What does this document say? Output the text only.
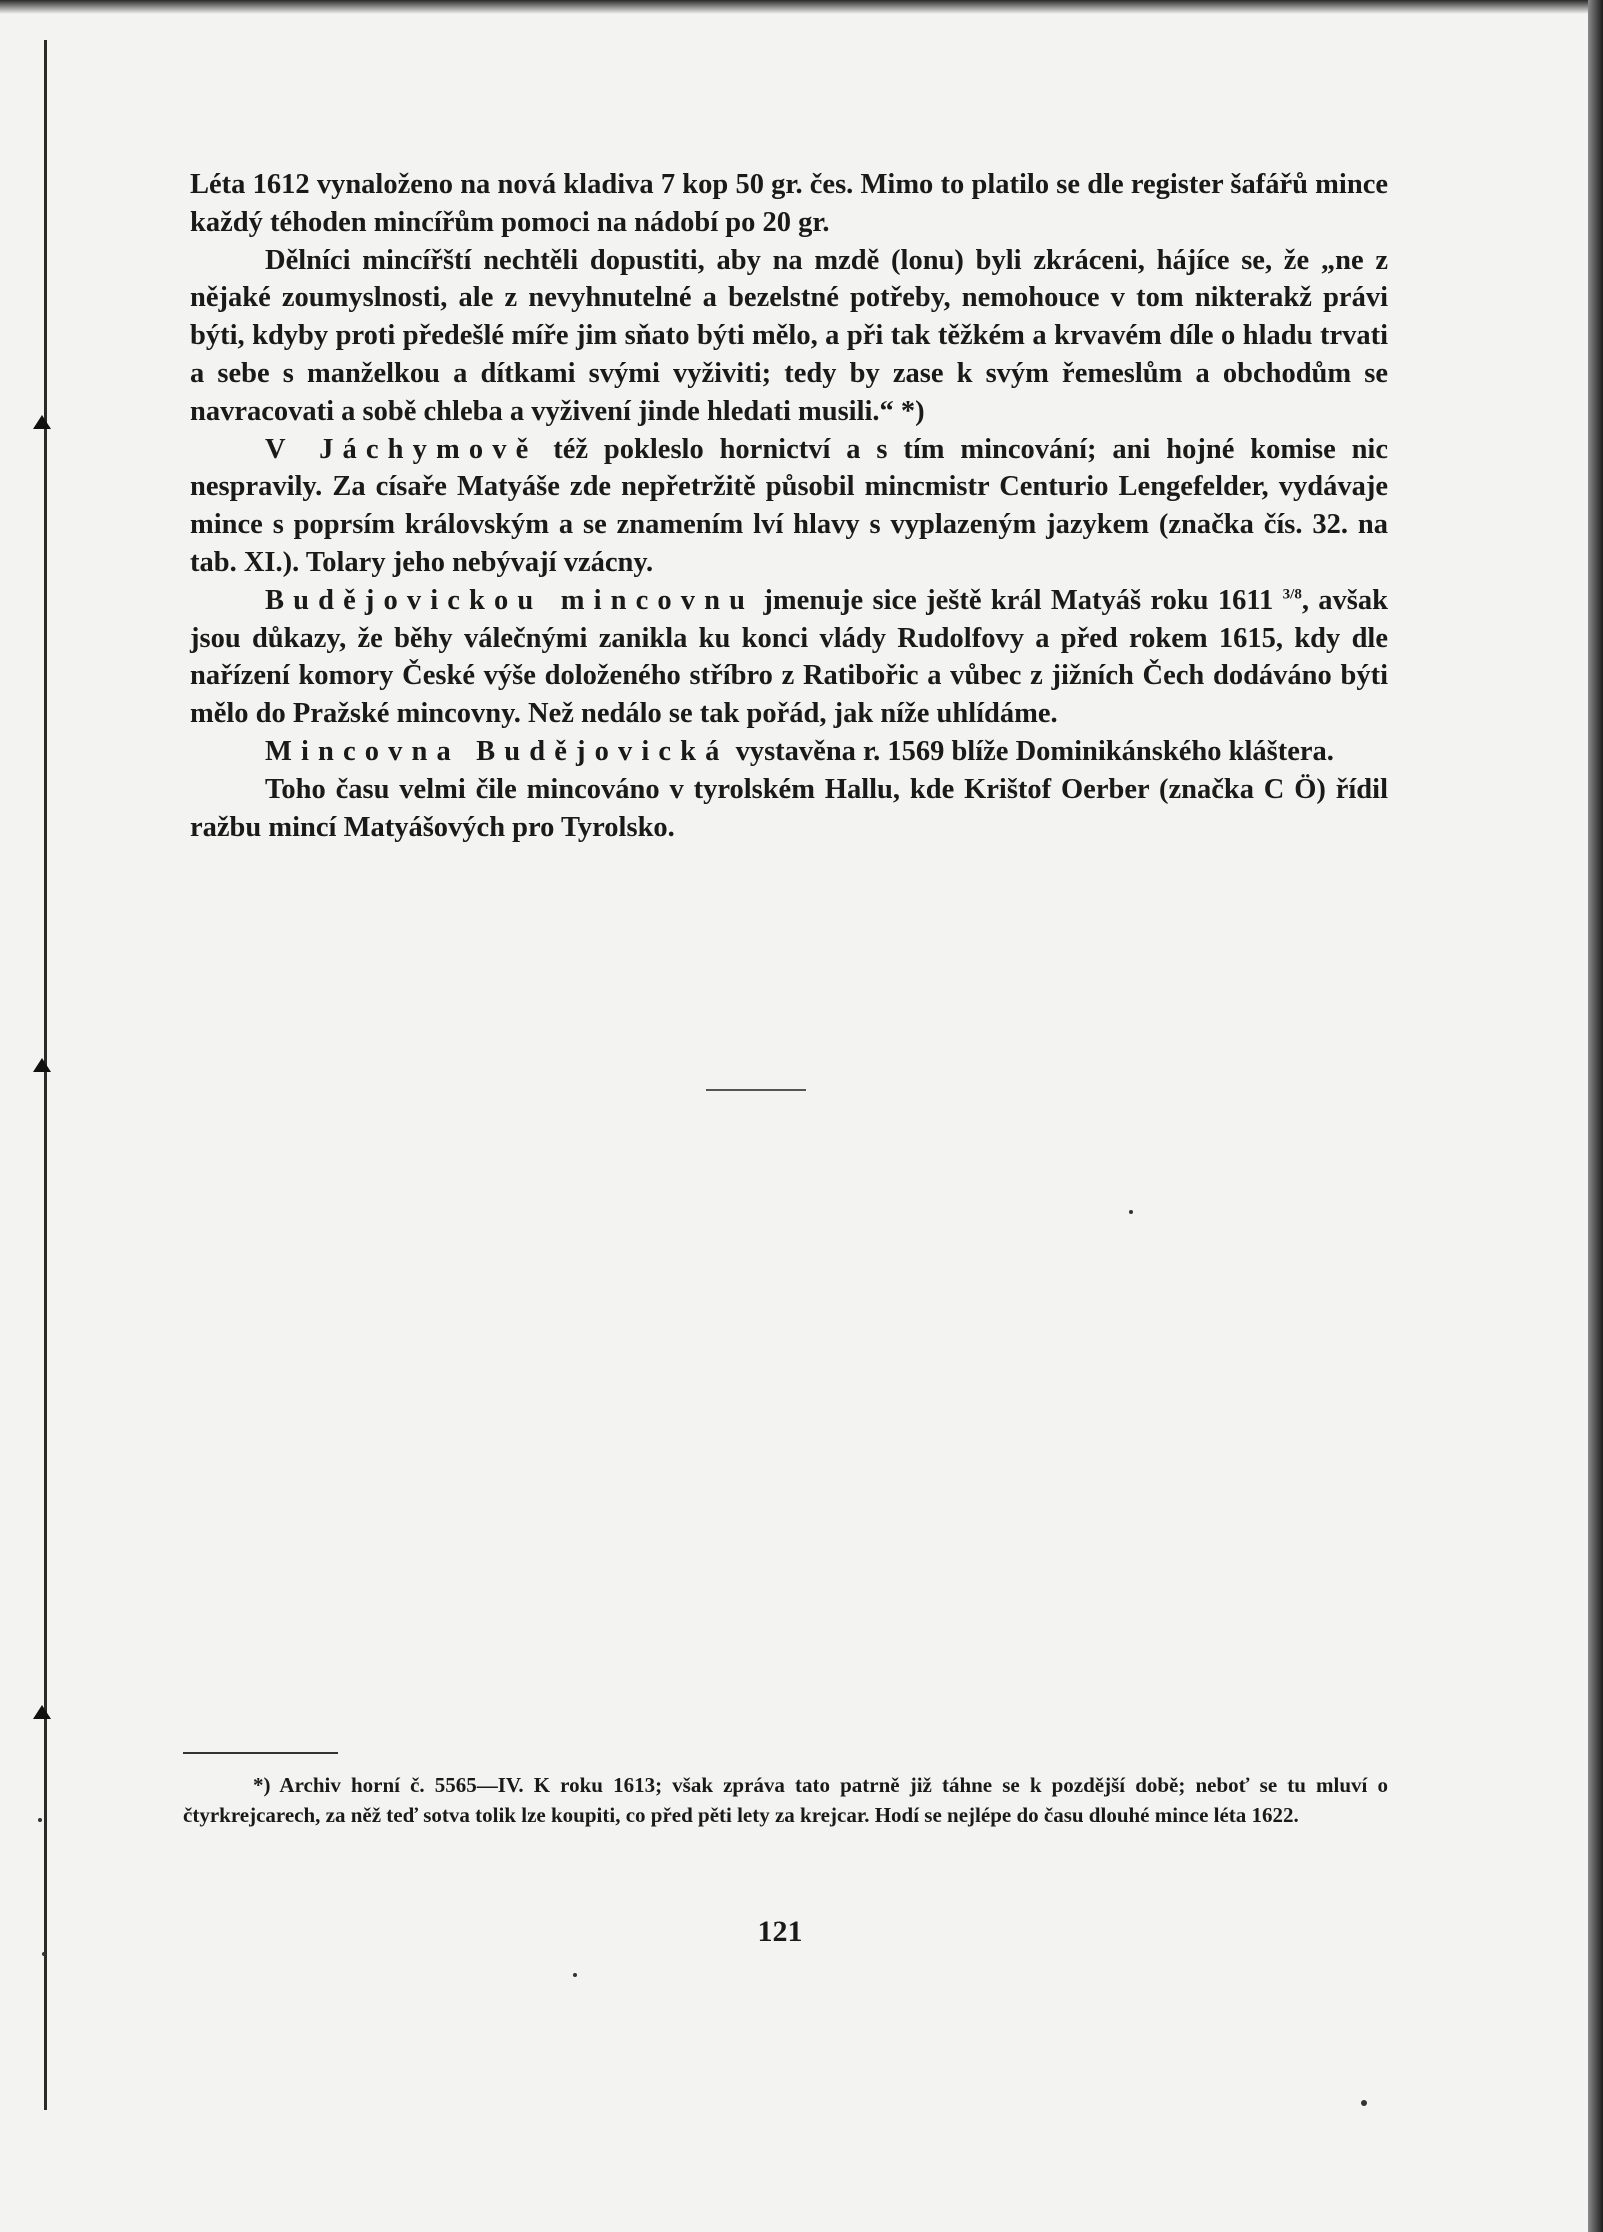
Léta 1612 vynaloženo na nová kladiva 7 kop 50 gr. čes. Mimo to platilo se dle register šafářů mince každý téhoden mincířům pomoci na nádobí po 20 gr.

Dělníci mincířští nechtěli dopustiti, aby na mzdě (lonu) byli zkráceni, hájíce se, že „ne z nějaké zoumyslnosti, ale z nevyhnutelné a bezelstné potřeby, nemohouce v tom nikterakž právi býti, kdyby proti předešlé míře jim sňato býti mělo, a při tak těžkém a krvavém díle o hladu trvati a sebe s manželkou a dítkami svými vyživiti; tedy by zase k svým řemeslům a obchodům se navracovati a sobě chleba a vyživení jinde hledati musili.“ *)

V Jáchymově též pokleslo hornictví a s tím mincování; ani hojné komise nic nespravily. Za císaře Matyáše zde nepřetržitě působil mincmistr Centurio Lengefelder, vydávaje mince s poprsím královským a se znamením lví hlavy s vyplazeným jazykem (značka čís. 32. na tab. XI.). Tolary jeho nebývají vzácny.

Budějovickou mincovnu jmenuje sice ještě král Matyáš roku 1611 $^{3/8}$, avšak jsou důkazy, že běhy válečnými zanikla ku konci vlády Rudolfovy a před rokem 1615, kdy dle nařízení komory České výše doloženého stříbro z Ratibořic a vůbec z jižních Čech dodáváno býti mělo do Pražské mincovny. Než nedálo se tak pořád, jak níže uhlídáme.

Mincovna Budějovická vystavěna r. 1569 blíže Dominikánského kláštera.

Toho času velmi čile mincováno v tyrolském Hallu, kde Krištof Oerber (značka C Ö) řídil ražbu mincí Matyášových pro Tyrolsko.

*) Archiv horní č. 5565—IV. K roku 1613; však zpráva tato patrně již táhne se k pozdější době; neboť se tu mluví o čtyrkrejcarech, za něž teď sotva tolik lze koupiti, co před pěti lety za krejcar. Hodí se nejlépe do času dlouhé mince léta 1622.

121
